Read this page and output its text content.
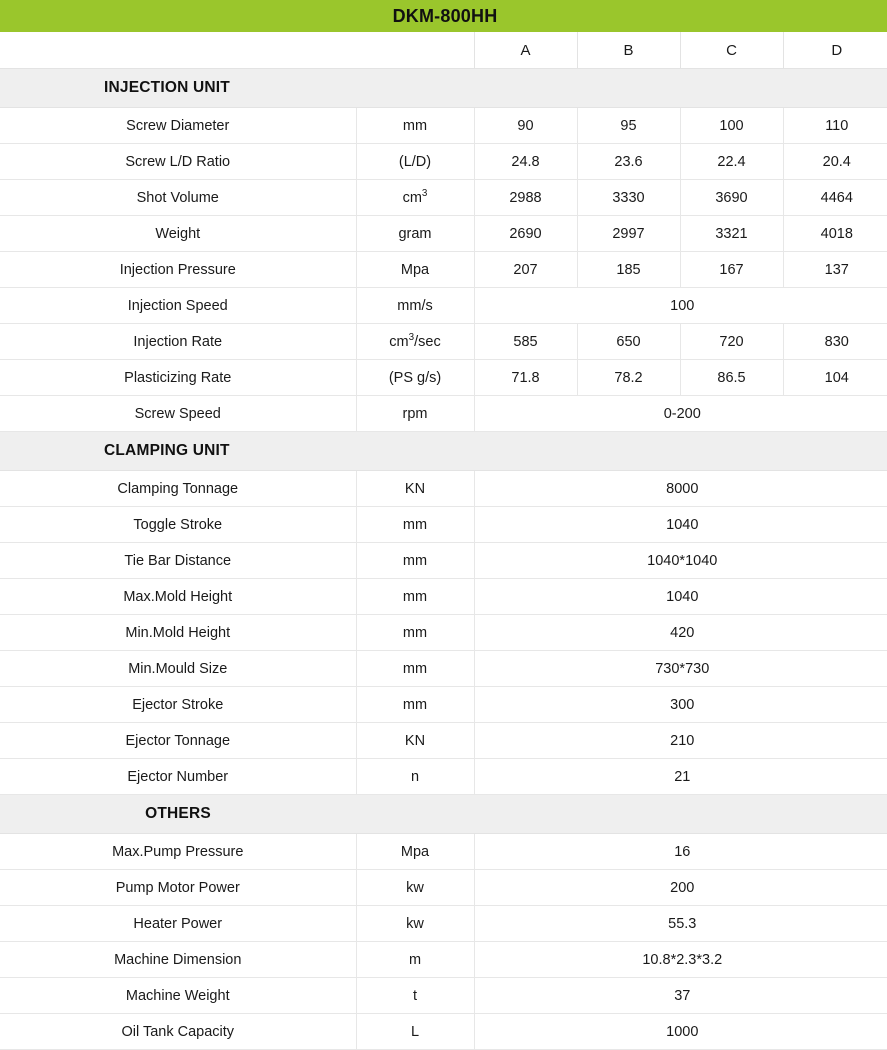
DKM-800HH					
		A	B	C	D

INJECTION UNIT					

Screw Diameter	mm	90	95	100	110
Screw L/D Ratio	(L/D)	24.8	23.6	22.4	20.4
Shot Volume	$cm^3$	2988	3330	3690	4464
Weight	gram	2690	2997	3321	4018
Injection Pressure	Mpa	207	185	167	137
Injection Speed	mm/s	100			
Injection Rate	$cm^3/\sec$	585	650	720	830
Plasticizing Rate	(PS g/s)	71.8	78.2	86.5	104
Screw Speed	rpm	0-200			

CLAMPING UNIT					

Clamping Tonnage	KN	8000			
Toggle Stroke	mm	1040			
Tie Bar Distance	mm	1040*1040			
Max.Mold Height	mm	1040			
Min.Mold Height	mm	420			
Min.Mould Size	mm	730*730			
Ejector Stroke	mm	300			
Ejector Tonnage	KN	210			
Ejector Number	n	21			

OTHERS					

Max.Pump Pressure	Mpa	16			
Pump Motor Power	kw	200			
Heater Power	kw	55.3			
Machine Dimension	m	10.8*2.3*3.2			
Machine Weight	t	37			
Oil Tank Capacity	L	1000			
